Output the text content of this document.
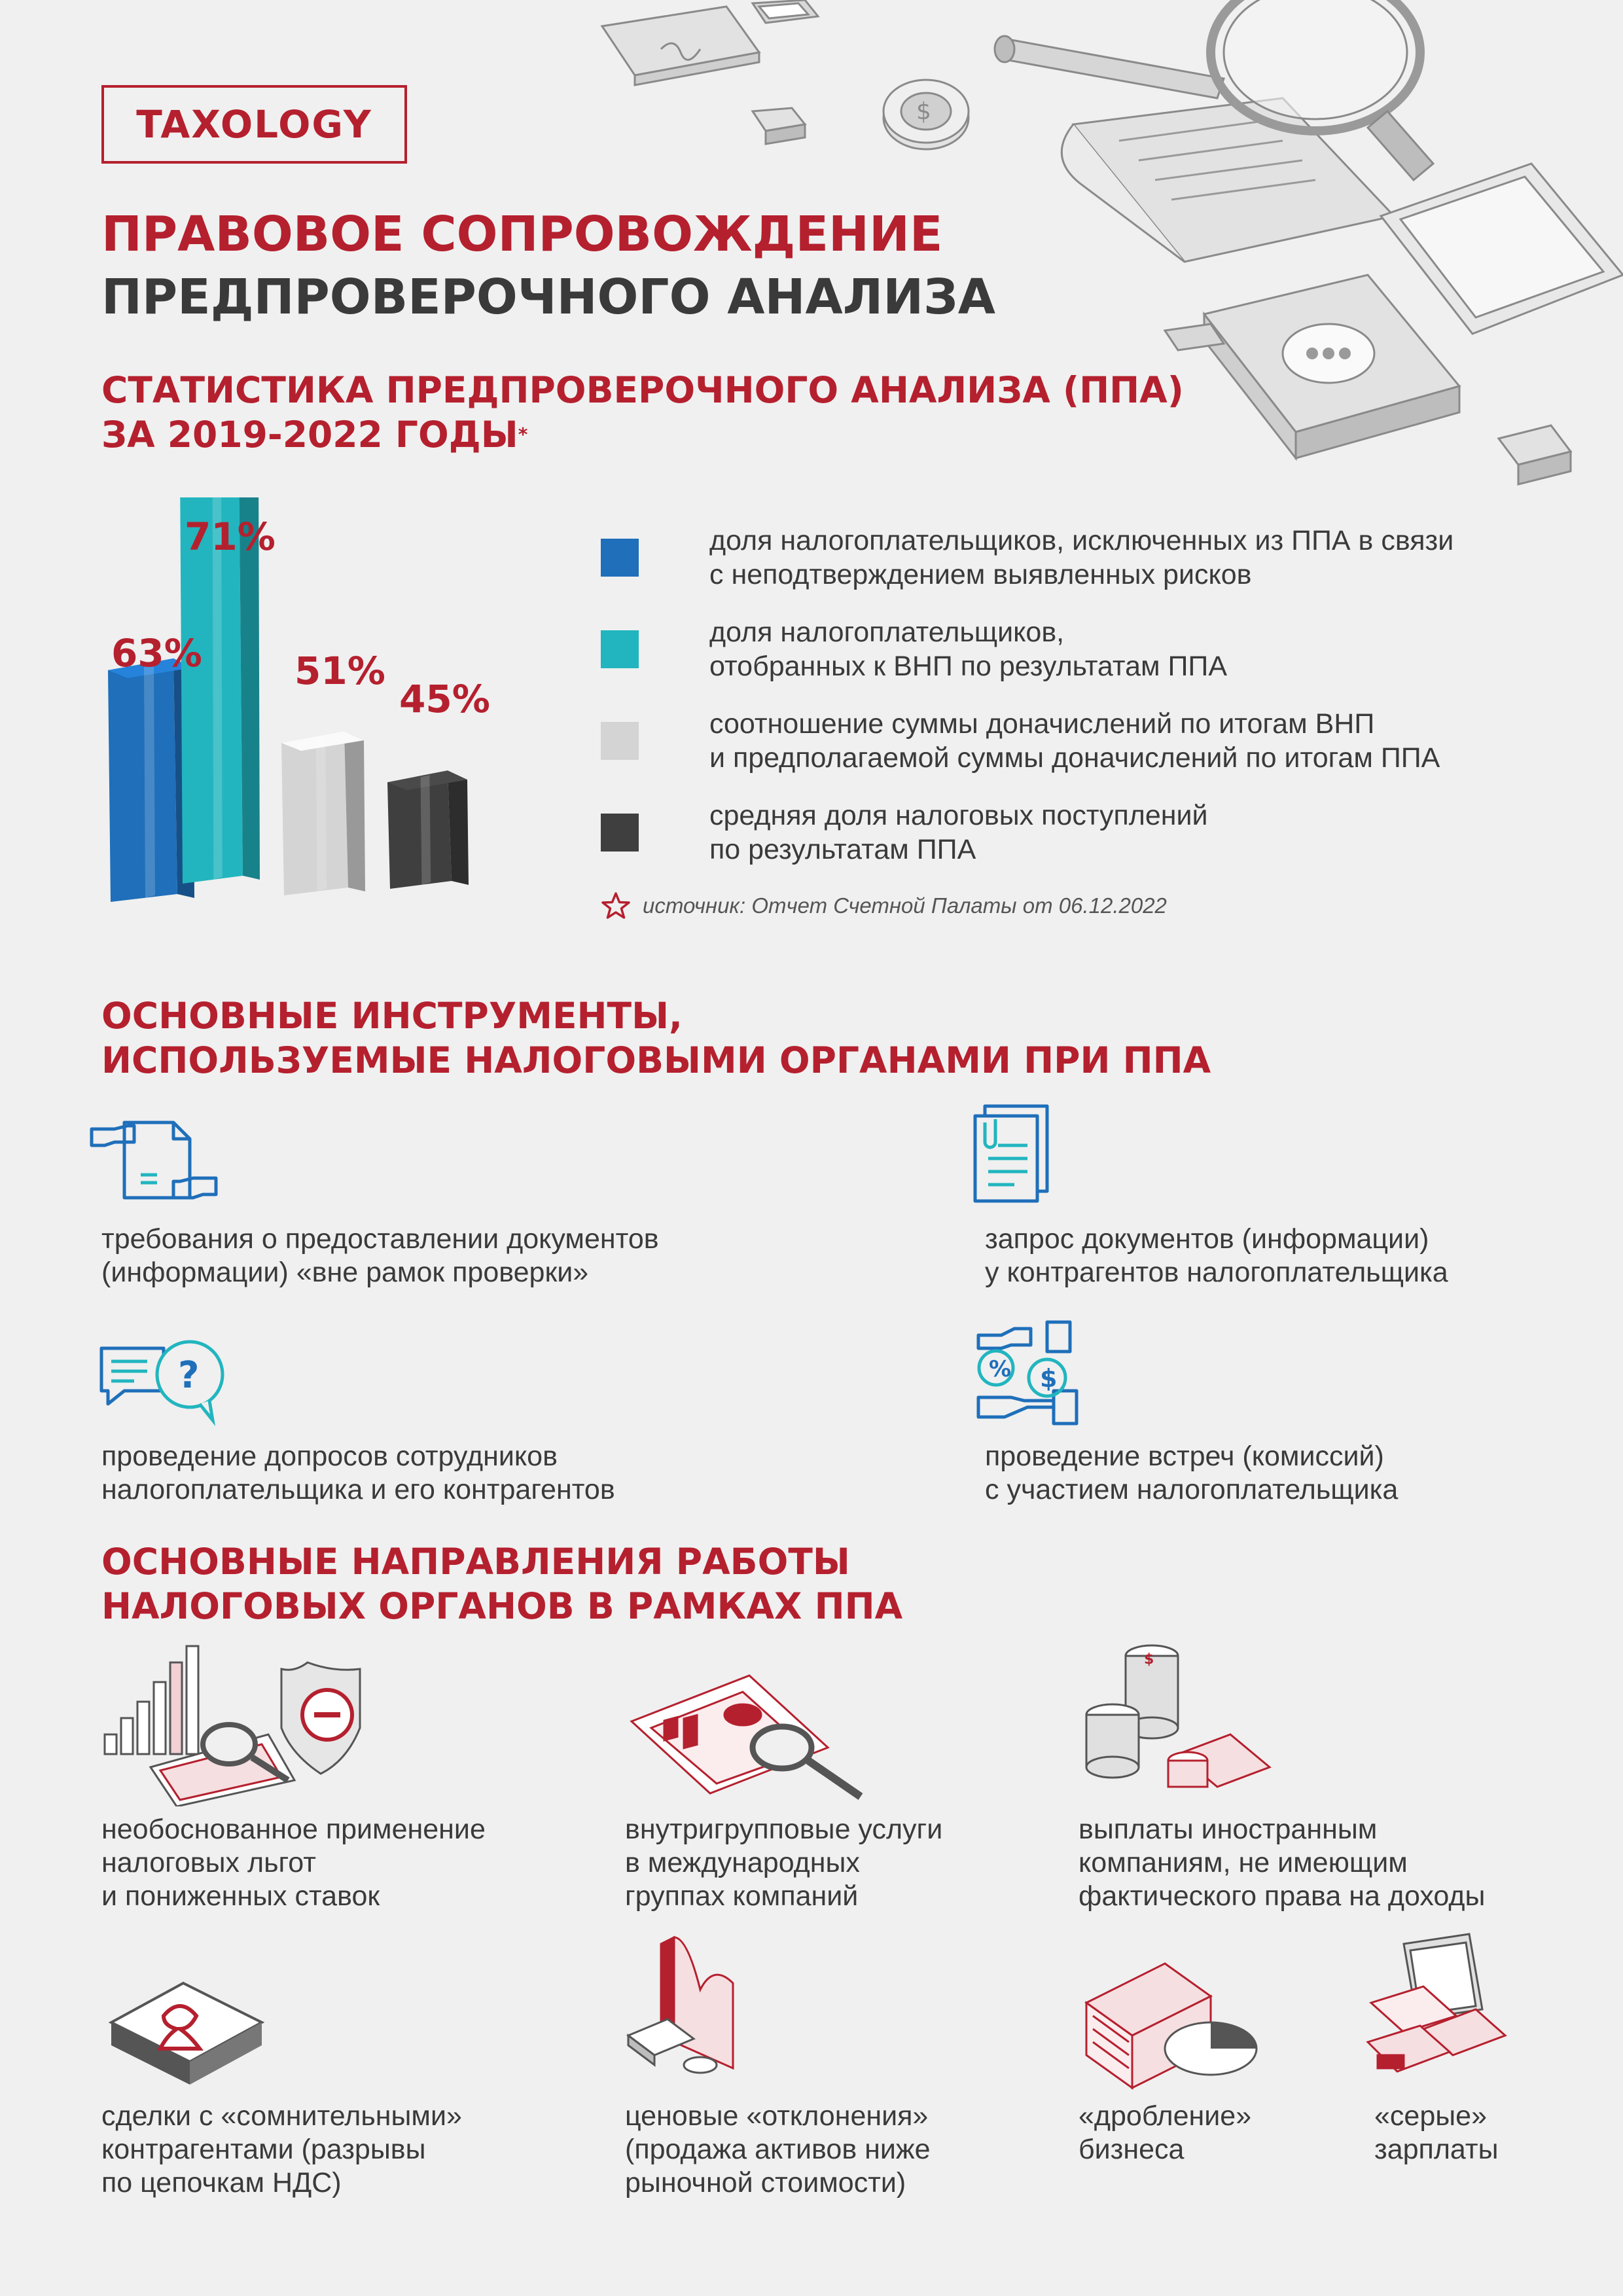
$
TAXOLOGY
ПРАВОВОЕ СОПРОВОЖДЕНИЕ
ПРЕДПРОВЕРОЧНОГО АНАЛИЗА
СТАТИСТИКА ПРЕДПРОВЕРОЧНОГО АНАЛИЗА (ППА)
ЗА 2019-2022 ГОДЫ*
63%
71%
51%
45%
доля налогоплательщиков, исключенных из ППА в связи
с неподтверждением выявленных рисков
доля налогоплательщиков,
отобранных к ВНП по результатам ППА
соотношение суммы доначислений по итогам ВНП
и предполагаемой суммы доначислений по итогам ППА
средняя доля налоговых поступлений
по результатам ППА
источник: Отчет Счетной Палаты от 06.12.2022
ОСНОВНЫЕ ИНСТРУМЕНТЫ,
ИСПОЛЬЗУЕМЫЕ НАЛОГОВЫМИ ОРГАНАМИ ПРИ ППА
?	% $
требования о предоставлении документов
(информации) «вне рамок проверки»
запрос документов (информации)
у контрагентов налогоплательщика
проведение допросов сотрудников
налогоплательщика и его контрагентов
проведение встреч (комиссий)
с участием налогоплательщика
ОСНОВНЫЕ НАПРАВЛЕНИЯ РАБОТЫ
НАЛОГОВЫХ ОРГАНОВ В РАМКАХ ППА
$
необоснованное применение
налоговых льгот
и пониженных ставок
внутригрупповые услуги
в международных
группах компаний
выплаты иностранным
компаниям, не имеющим
фактического права на доходы
сделки с «сомнительными»
контрагентами (разрывы
по цепочкам НДС)
ценовые «отклонения»
(продажа активов ниже
рыночной стоимости)
«дробление»
бизнеса
«серые»
зарплаты
